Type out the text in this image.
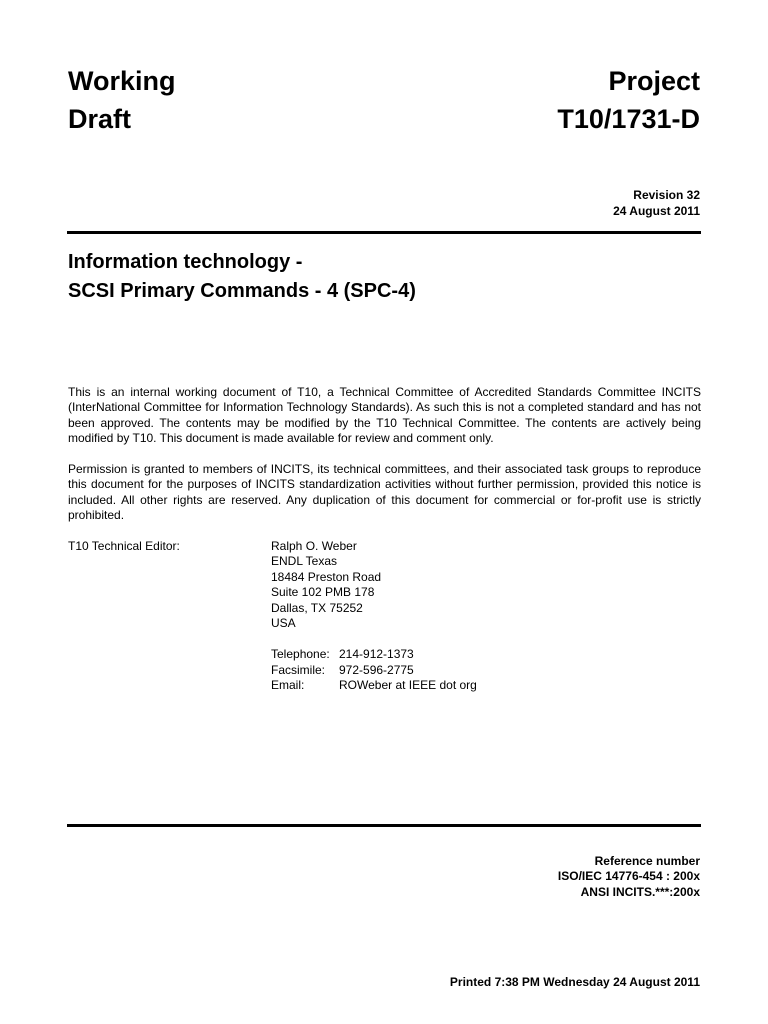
Working
Draft
Project
T10/1731-D
Revision 32
24 August 2011
Information technology -
SCSI Primary Commands - 4 (SPC-4)

This is an internal working document of T10, a Technical Committee of Accredited Standards Committee INCITS (InterNational Committee for Information Technology Standards). As such this is not a completed standard and has not been approved. The contents may be modified by the T10 Technical Committee. The contents are actively being modified by T10. This document is made available for review and comment only.

Permission is granted to members of INCITS, its technical committees, and their associated task groups to reproduce this document for the purposes of INCITS standardization activities without further permission, provided this notice is included. All other rights are reserved. Any duplication of this document for commercial or for-profit use is strictly prohibited.

T10 Technical Editor:	Ralph O. Weber
ENDL Texas
18484 Preston Road
Suite 102 PMB 178
Dallas, TX 75252
USA
Telephone: 214-912-1373
Facsimile: 972-596-2775
Email:	ROWeber at IEEE dot org
Reference number
ISO/IEC 14776-454 : 200x
ANSI INCITS.***:200x
Printed 7:38 PM Wednesday 24 August 2011
